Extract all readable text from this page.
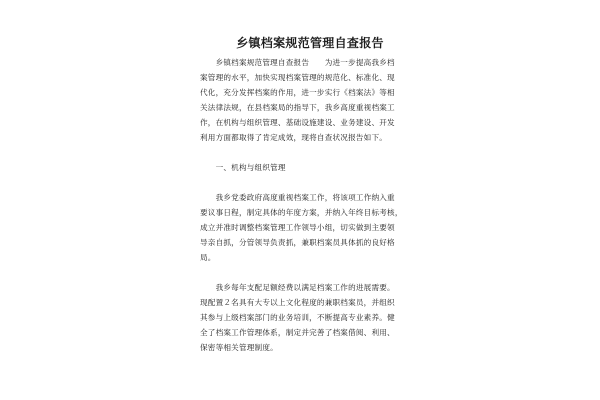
乡镇档案规范管理自查报告

　　乡镇档案规范管理自查报告　　为进一步提高我乡档
案管理的水平，加快实现档案管理的规范化、标准化、现
代化，充分发挥档案的作用，进一步实行《档案法》等相
关法律法规，在县档案局的指导下，我乡高度重视档案工
作，在机构与组织管理、基础设施建设、业务建设、开发
利用方面都取得了肯定成效，现将自查状况报告如下。

　　一、机构与组织管理

　　我乡党委政府高度重视档案工作，将该项工作纳入重
要议事日程，制定具体的年度方案，并纳入年终目标考核，
成立并准时调整档案管理工作领导小组，切实做到主要领
导亲自抓，分管领导负责抓，兼职档案员具体抓的良好格
局。

　　我乡每年支配足额经费以满足档案工作的进展需要。
现配置２名具有大专以上文化程度的兼职档案员，并组织
其参与上级档案部门的业务培训，不断提高专业素养。健
全了档案工作管理体系，制定并完善了档案借阅、利用、
保密等相关管理制度。
